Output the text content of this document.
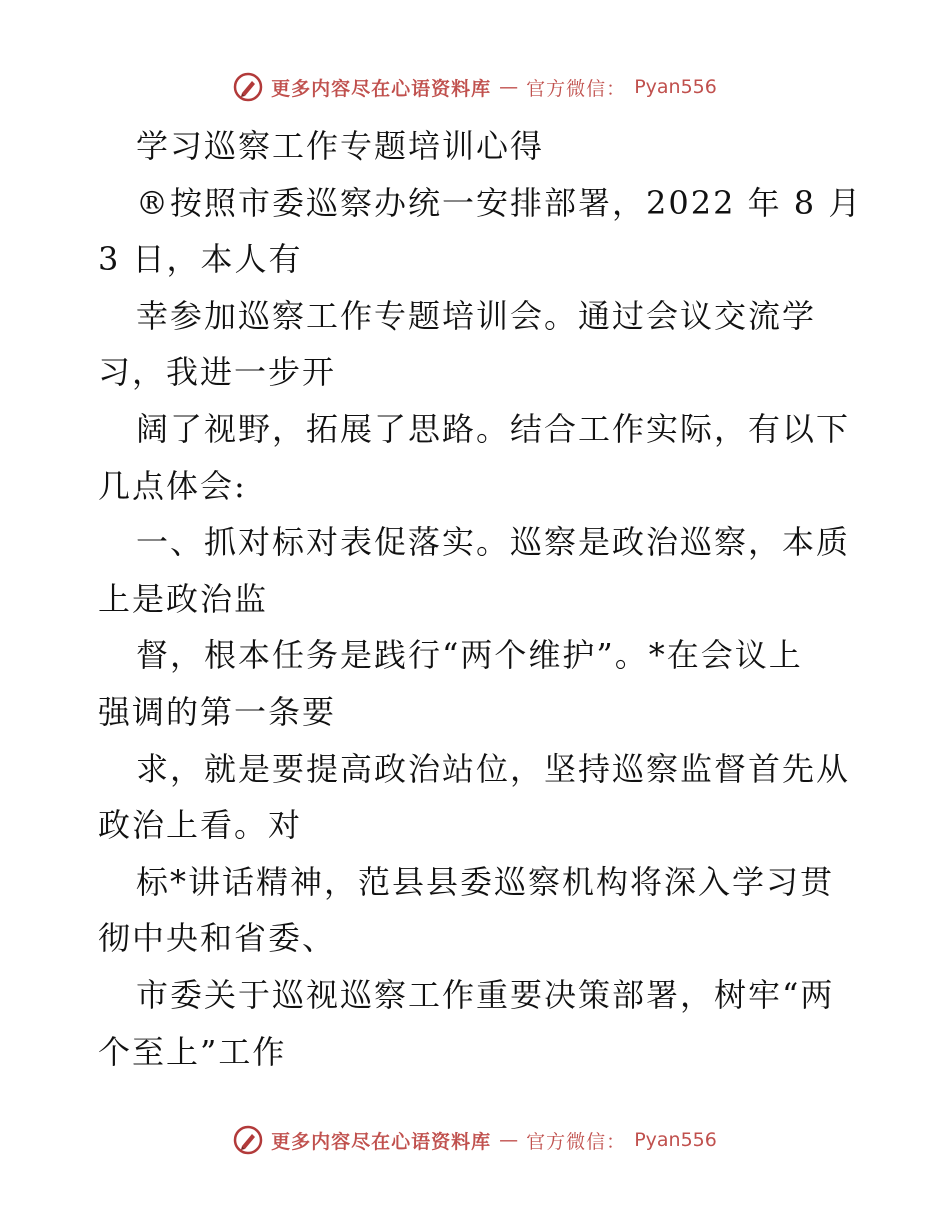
更多内容尽在心语资料库 — 官方微信： Pyan556
学习巡察工作专题培训心得
®按照市委巡察办统一安排部署，2022 年 8 月
3 日，本人有
幸参加巡察工作专题培训会。通过会议交流学
习，我进一步开
阔了视野，拓展了思路。结合工作实际，有以下
几点体会:
一、抓对标对表促落实。巡察是政治巡察，本质
上是政治监
督，根本任务是践行“两个维护”。*在会议上
强调的第一条要
求，就是要提高政治站位，坚持巡察监督首先从
政治上看。对
标*讲话精神，范县县委巡察机构将深入学习贯
彻中央和省委、
市委关于巡视巡察工作重要决策部署，树牢“两
个至上”工作
更多内容尽在心语资料库 — 官方微信： Pyan556
